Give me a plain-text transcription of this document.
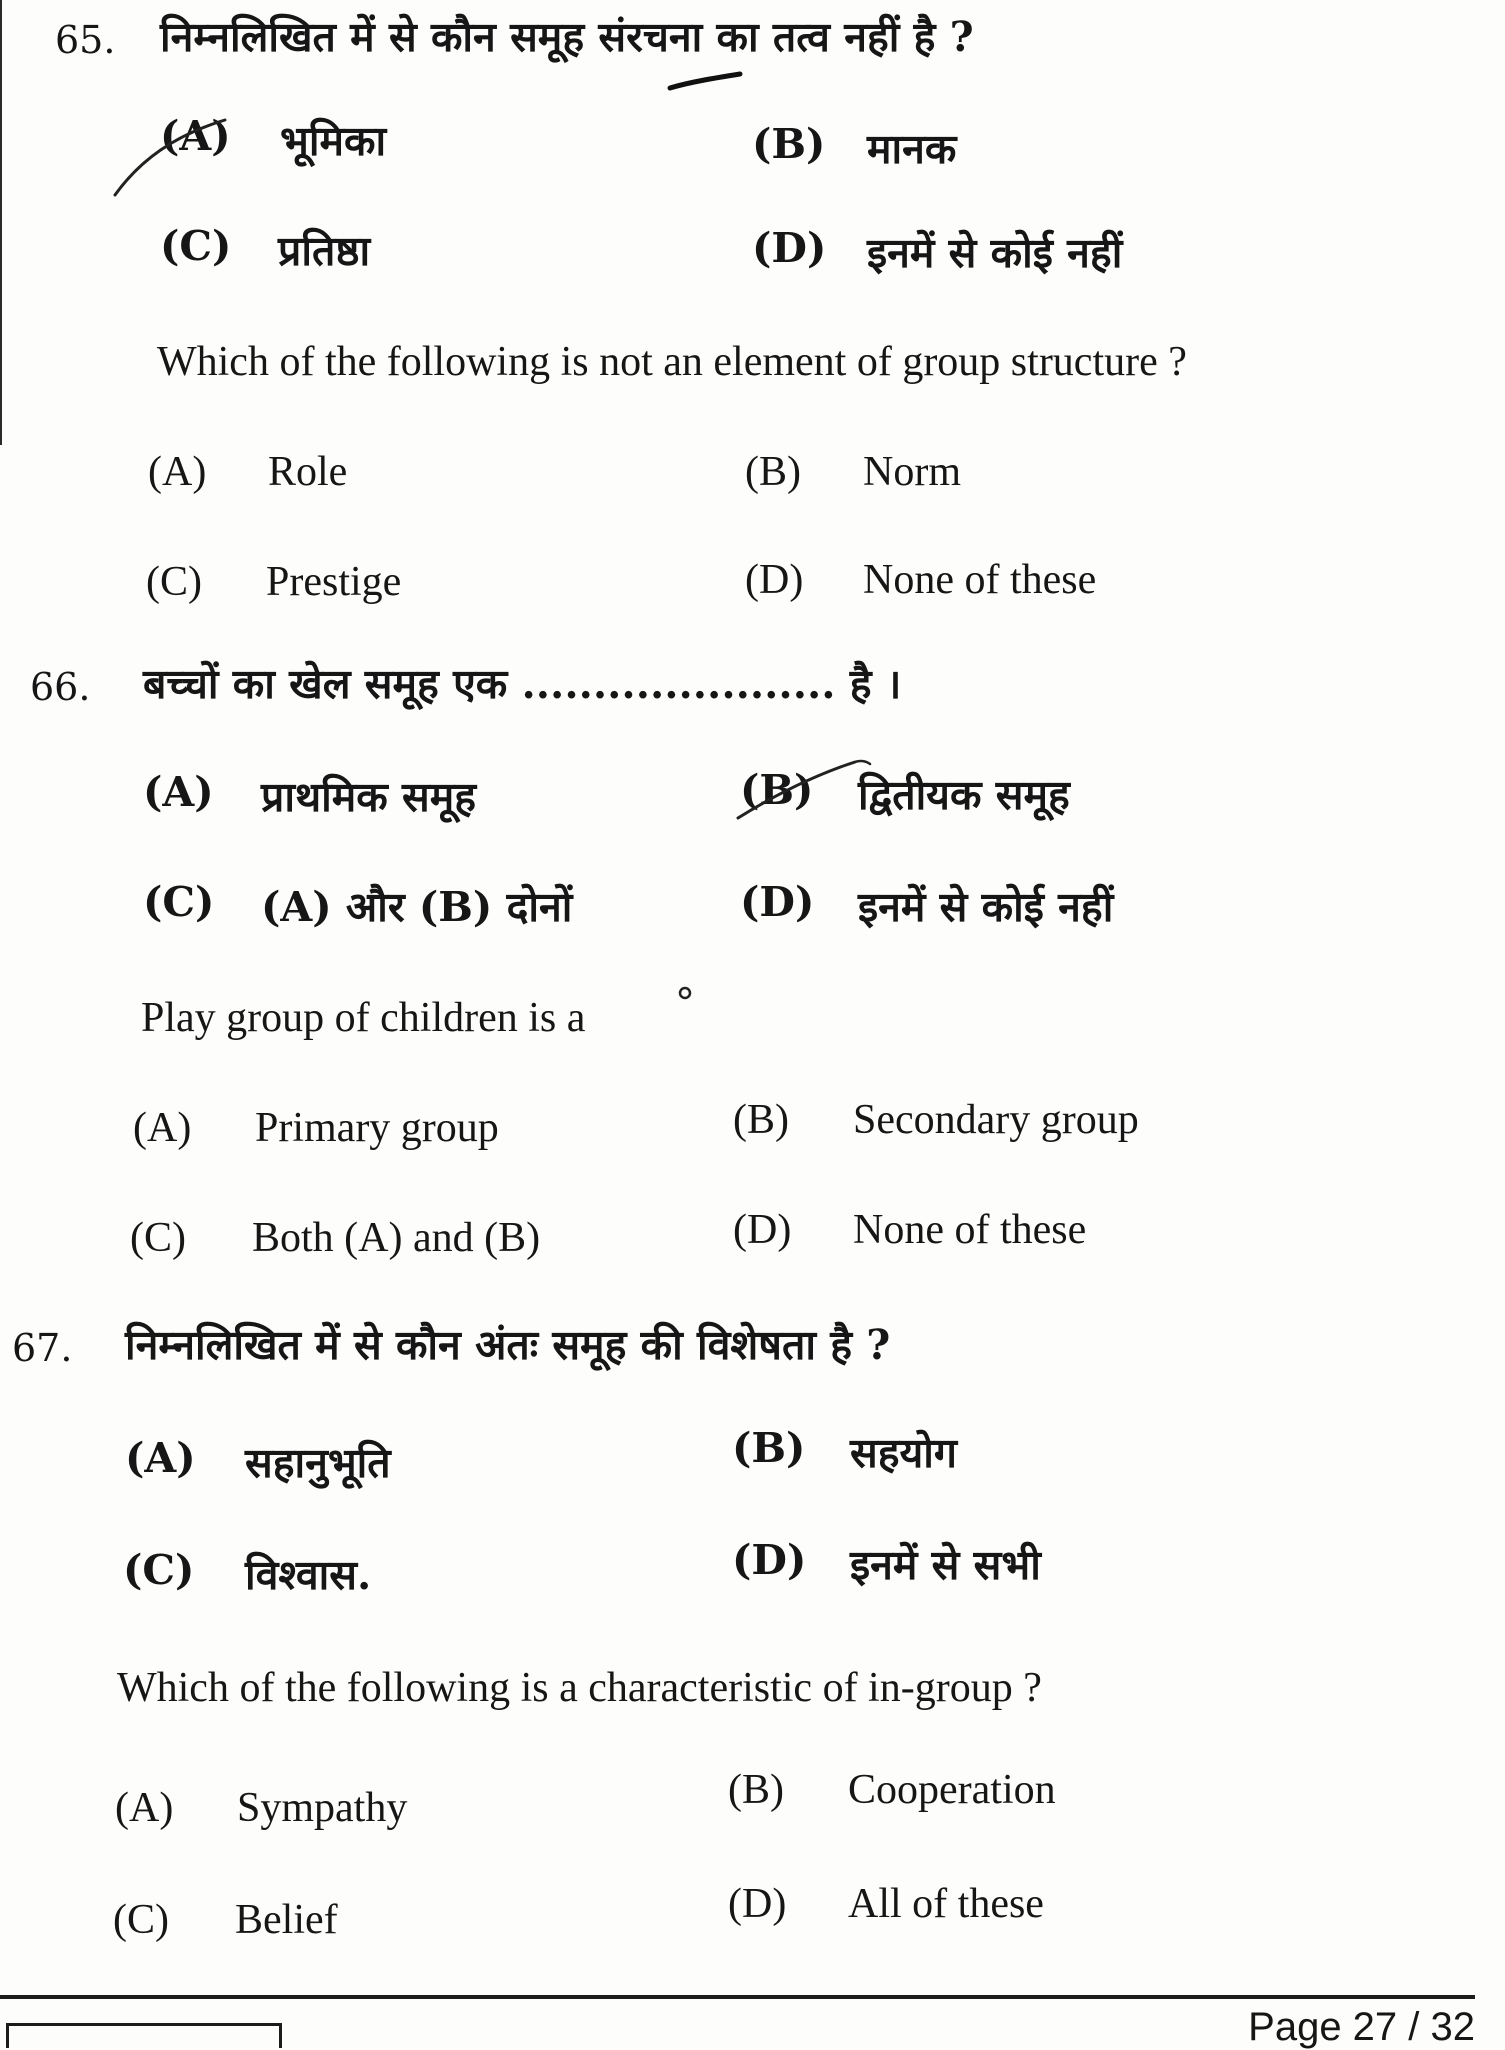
65. निम्नलिखित में से कौन समूह संरचना का तत्व नहीं है ?
(A) भूमिका	(B) मानक
(C) प्रतिष्ठा	(D) इनमें से कोई नहीं
Which of the following is not an element of group structure ?
(A) Role	(B) Norm
(C) Prestige	(D) None of these
66. बच्चों का खेल समूह एक ...................... है ।
(A) प्राथमिक समूह	(B) द्वितीयक समूह
(C) (A) और (B) दोनों	(D) इनमें से कोई नहीं
Play group of children is a
(A) Primary group	(B) Secondary group
(C) Both (A) and (B)	(D) None of these
67. निम्नलिखित में से कौन अंतः समूह की विशेषता है ?
(A) सहानुभूति	(B) सहयोग
(C) विश्वास.	(D) इनमें से सभी
Which of the following is a characteristic of in-group ?
(A) Sympathy	(B) Cooperation
(C) Belief	(D) All of these
Page 27 / 32
